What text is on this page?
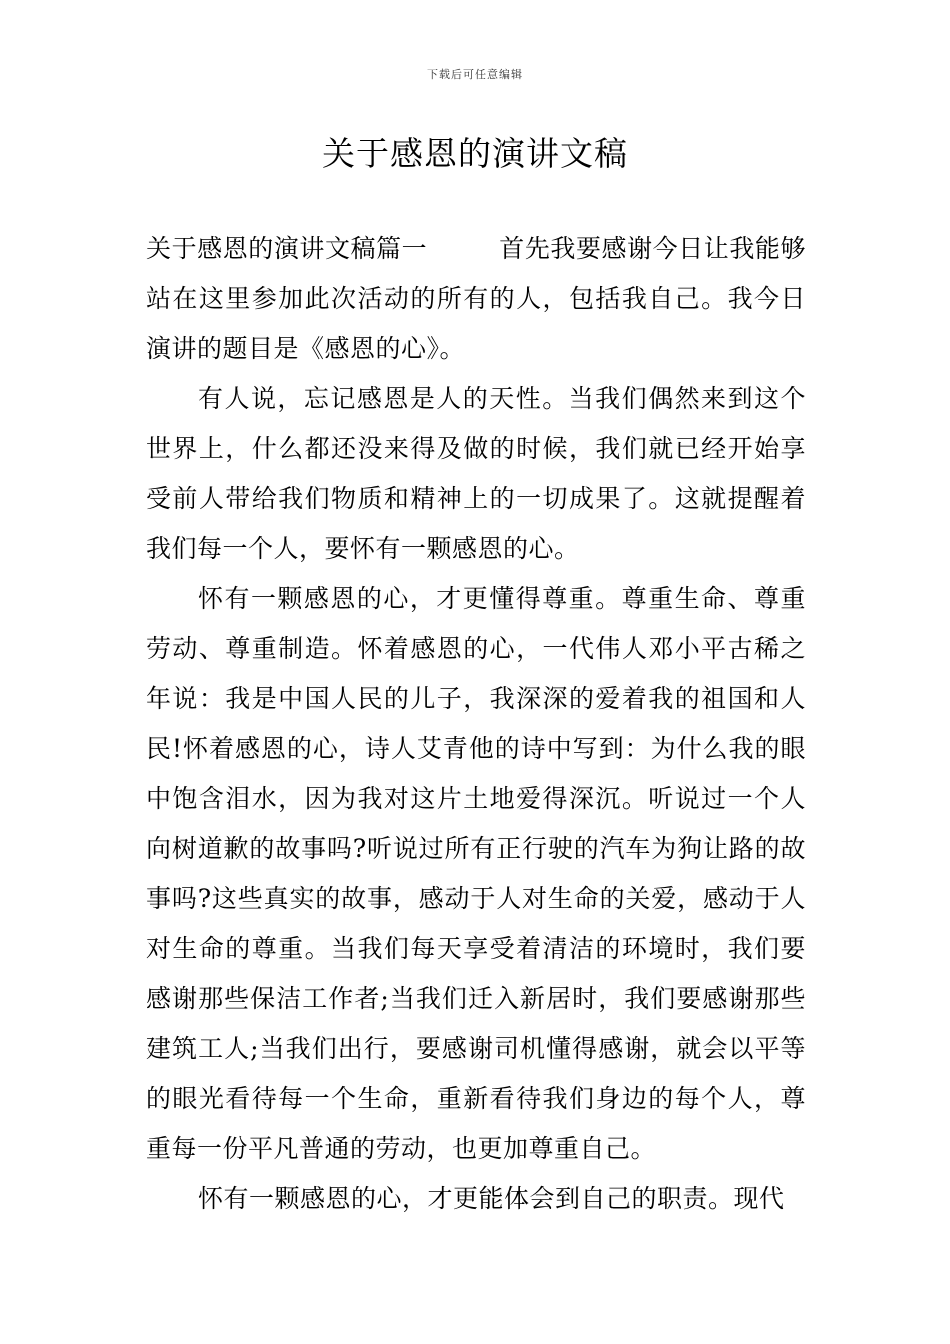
下载后可任意编辑
关于感恩的演讲文稿

关于感恩的演讲文稿篇一	首先我要感谢今日让我能够站在这里参加此次活动的所有的人，包括我自己。我今日演讲的题目是《感恩的心》。

有人说，忘记感恩是人的天性。当我们偶然来到这个世界上，什么都还没来得及做的时候，我们就已经开始享受前人带给我们物质和精神上的一切成果了。这就提醒着我们每一个人，要怀有一颗感恩的心。

怀有一颗感恩的心，才更懂得尊重。尊重生命、尊重劳动、尊重制造。怀着感恩的心，一代伟人邓小平古稀之年说：我是中国人民的儿子，我深深的爱着我的祖国和人民!怀着感恩的心，诗人艾青他的诗中写到：为什么我的眼中饱含泪水，因为我对这片土地爱得深沉。听说过一个人向树道歉的故事吗?听说过所有正行驶的汽车为狗让路的故事吗?这些真实的故事，感动于人对生命的关爱，感动于人对生命的尊重。当我们每天享受着清洁的环境时，我们要感谢那些保洁工作者;当我们迁入新居时，我们要感谢那些建筑工人;当我们出行，要感谢司机懂得感谢，就会以平等的眼光看待每一个生命，重新看待我们身边的每个人，尊重每一份平凡普通的劳动，也更加尊重自己。

怀有一颗感恩的心，才更能体会到自己的职责。现代
